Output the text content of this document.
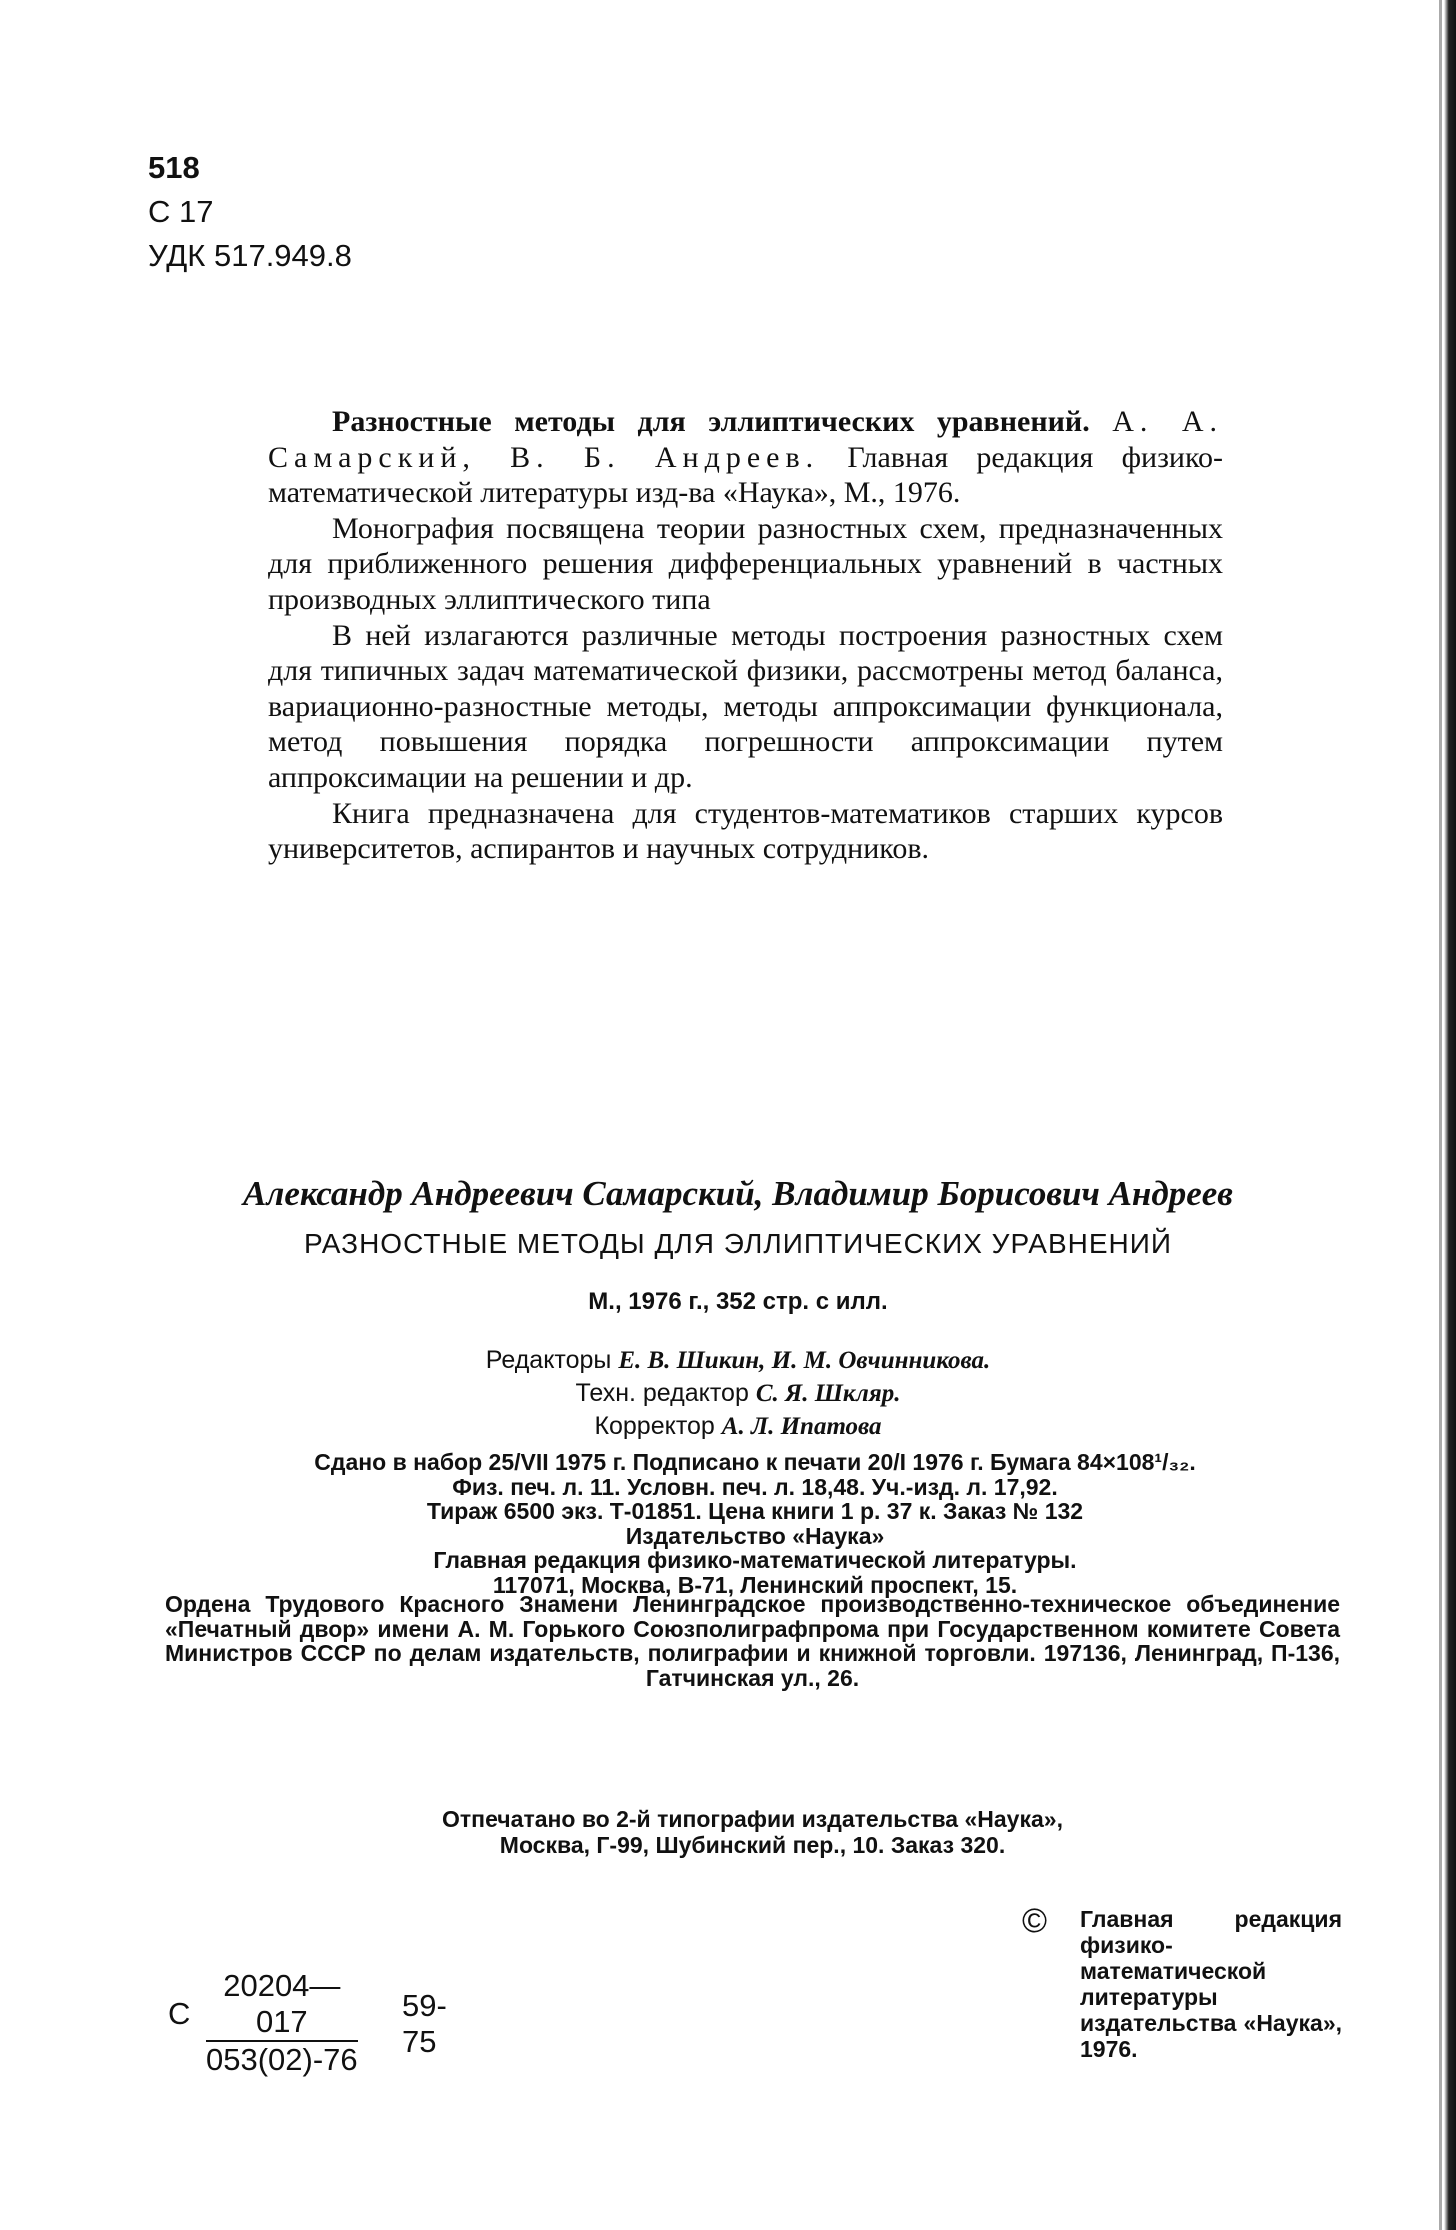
518
С 17
УДК 517.949.8

Разностные методы для эллиптических уравнений. А. А. Самарский, В. Б. Андреев. Главная редакция физико-математической литературы изд-ва «Наука», М., 1976.

Монография посвящена теории разностных схем, предназначенных для приближенного решения дифференциальных уравнений в частных производных эллиптического типа

В ней излагаются различные методы построения разностных схем для типичных задач математической физики, рассмотрены метод баланса, вариационно-разностные методы, методы аппроксимации функционала, метод повышения порядка погрешности аппроксимации путем аппроксимации на решении и др.

Книга предназначена для студентов-математиков старших курсов университетов, аспирантов и научных сотрудников.

Александр Андреевич Самарский, Владимир Борисович Андреев
РАЗНОСТНЫЕ МЕТОДЫ ДЛЯ ЭЛЛИПТИЧЕСКИХ УРАВНЕНИЙ
М., 1976 г., 352 стр. с илл.
Редакторы Е. В. Шикин, И. М. Овчинникова.
Техн. редактор С. Я. Шкляр.
Корректор А. Л. Ипатова
Сдано в набор 25/VII 1975 г. Подписано к печати 20/I 1976 г. Бумага 84×108¹/₃₂.
Физ. печ. л. 11. Условн. печ. л. 18,48. Уч.-изд. л. 17,92.
Тираж 6500 экз. Т-01851. Цена книги 1 р. 37 к. Заказ № 132
Издательство «Наука»
Главная редакция физико-математической литературы.
117071, Москва, В-71, Ленинский проспект, 15.
Ордена Трудового Красного Знамени Ленинградское производственно-техническое объединение «Печатный двор» имени А. М. Горького Союзполиграфпрома при Государственном комитете Совета Министров СССР по делам издательств, полиграфии и книжной торговли. 197136, Ленинград, П-136, Гатчинская ул., 26.
Отпечатано во 2-й типографии издательства «Наука»,
Москва, Г-99, Шубинский пер., 10. Заказ 320.
© Главная редакция физико-математической литературы издательства «Наука», 1976.
С $\frac{20204—017}{053(02)-76} 59-75$
